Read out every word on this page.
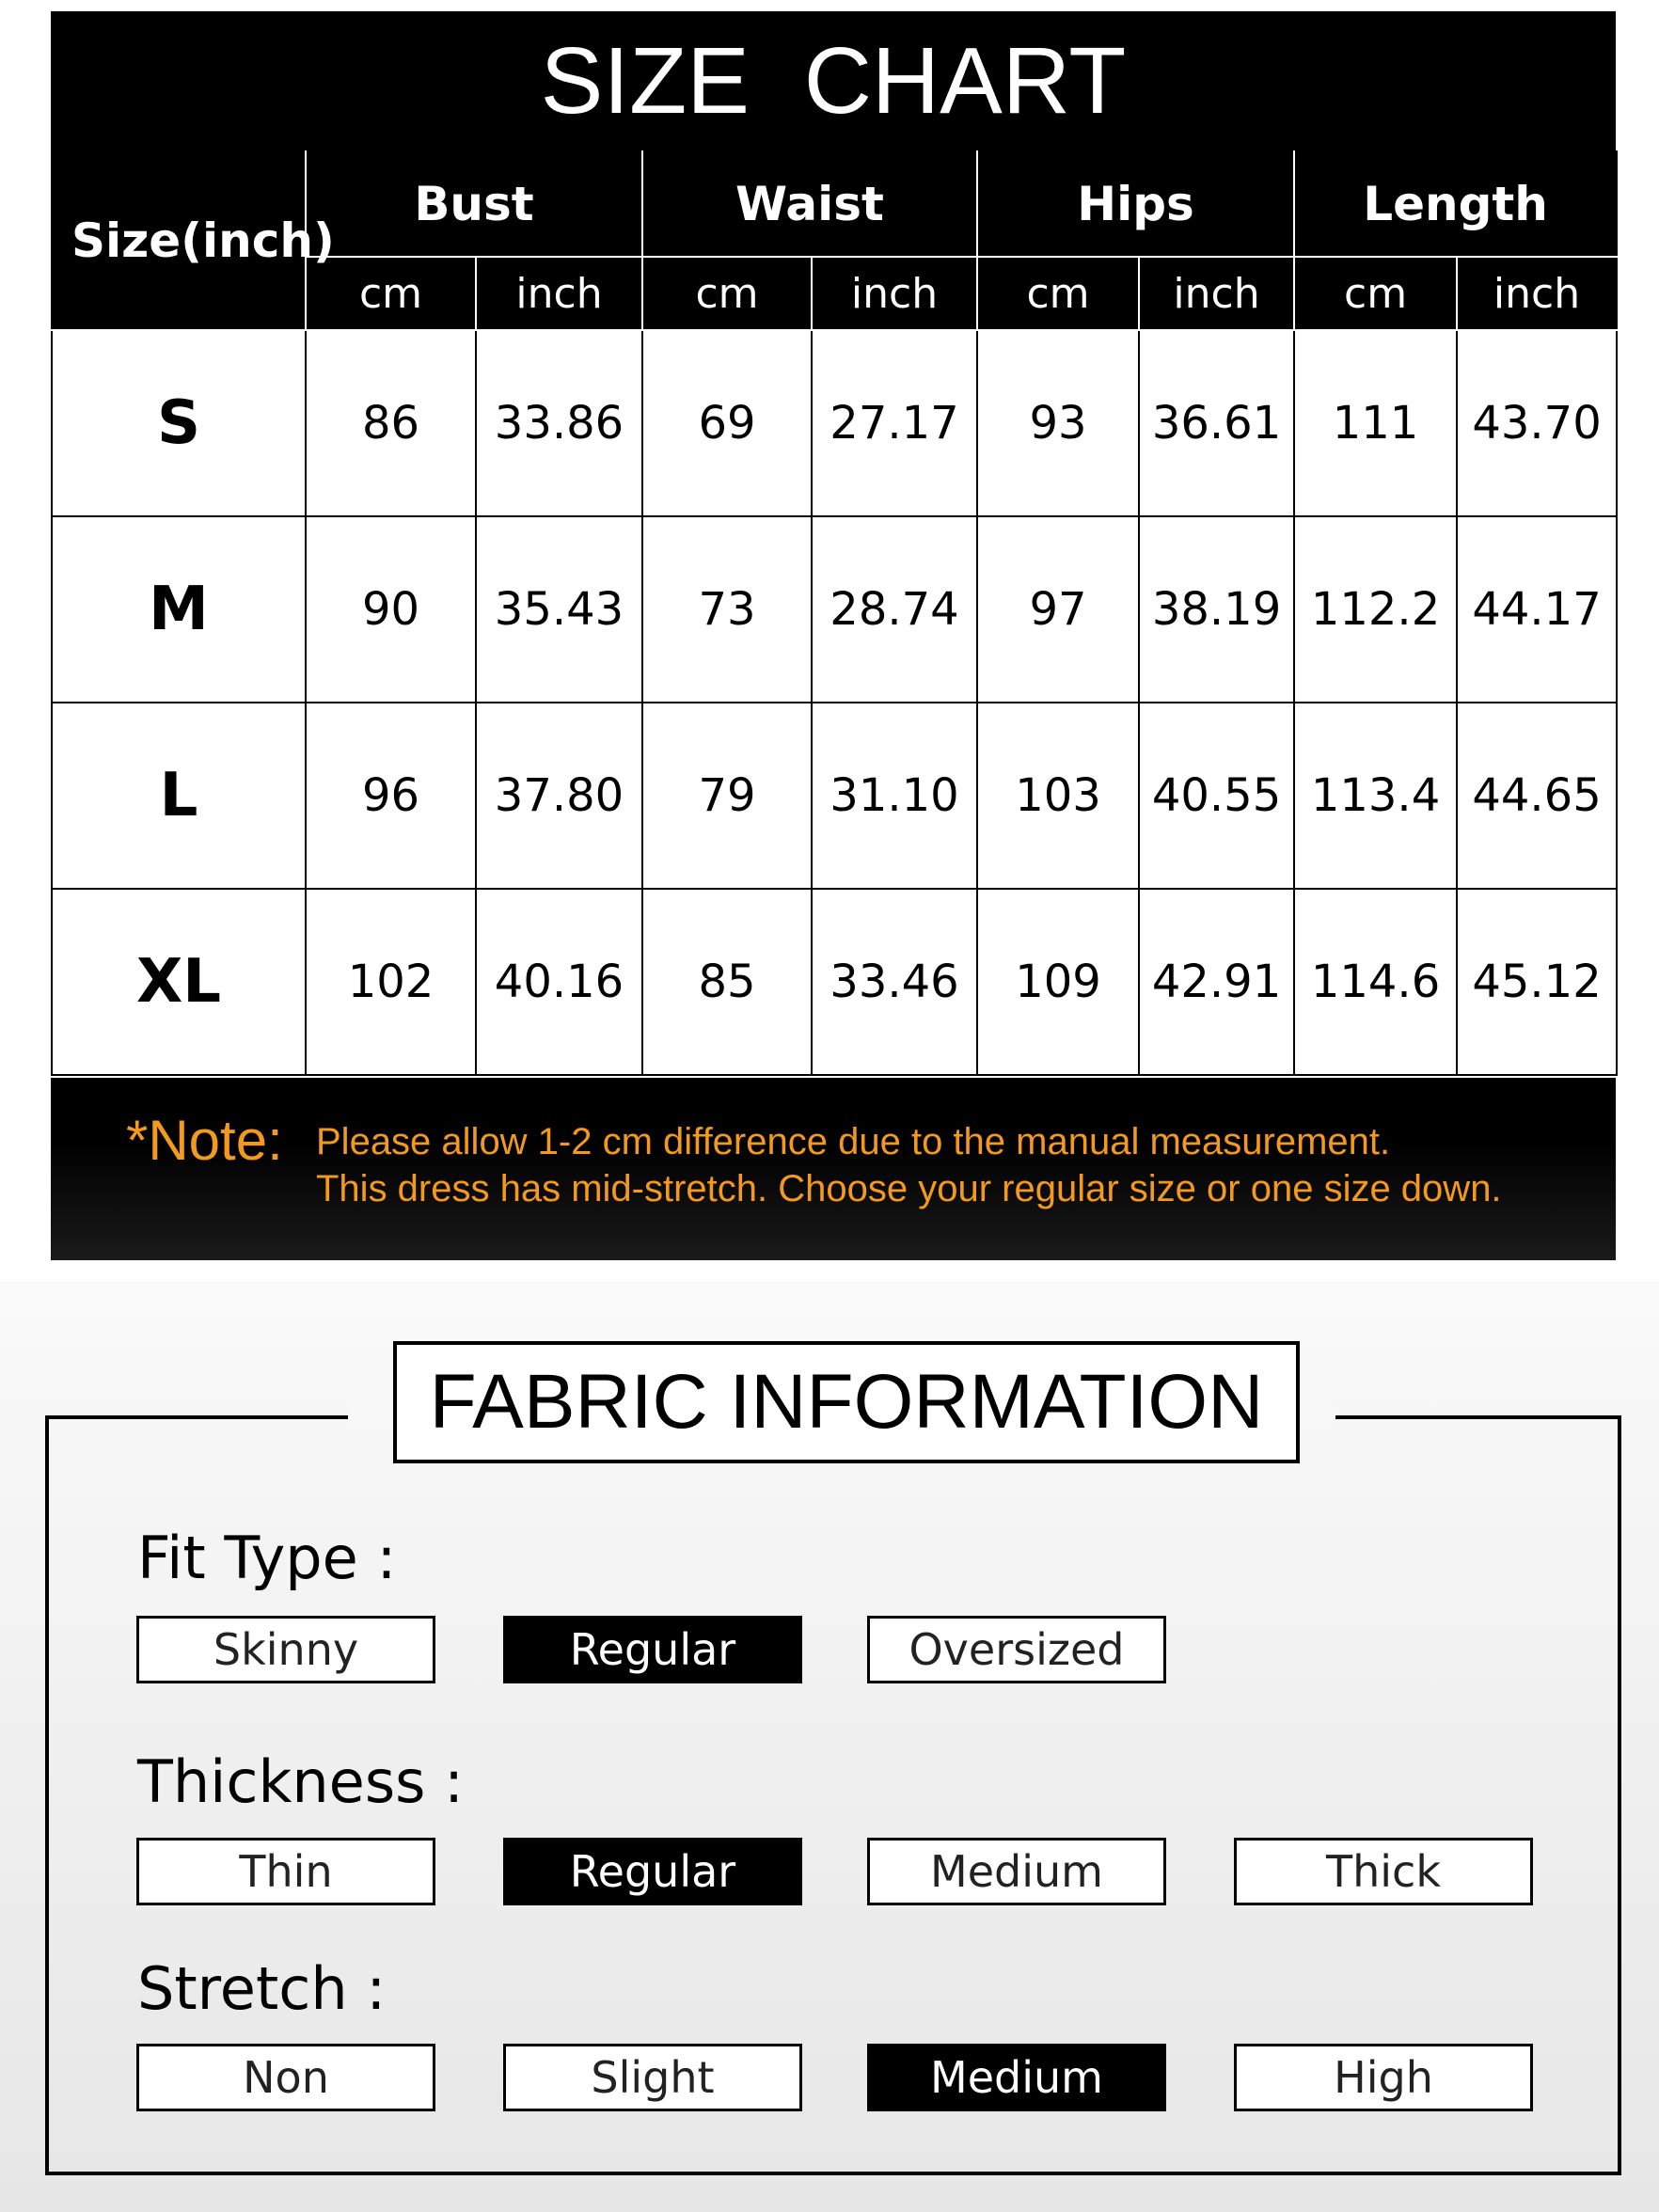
SIZE CHART
Size(inch)	Bust		Waist		Hips		Length	
	cm	inch	cm	inch	cm	inch	cm	inch
S	86	33.86	69	27.17	93	36.61	111	43.70
M	90	35.43	73	28.74	97	38.19	112.2	44.17
L	96	37.80	79	31.10	103	40.55	113.4	44.65
XL	102	40.16	85	33.46	109	42.91	114.6	45.12
*Note: Please allow 1-2 cm difference due to the manual measurement.
This dress has mid-stretch. Choose your regular size or one size down.
FABRIC INFORMATION
Fit Type :
Skinny	Regular	Oversized
Thickness :
Thin	Regular	Medium	Thick
Stretch :
Non	Slight	Medium	High
